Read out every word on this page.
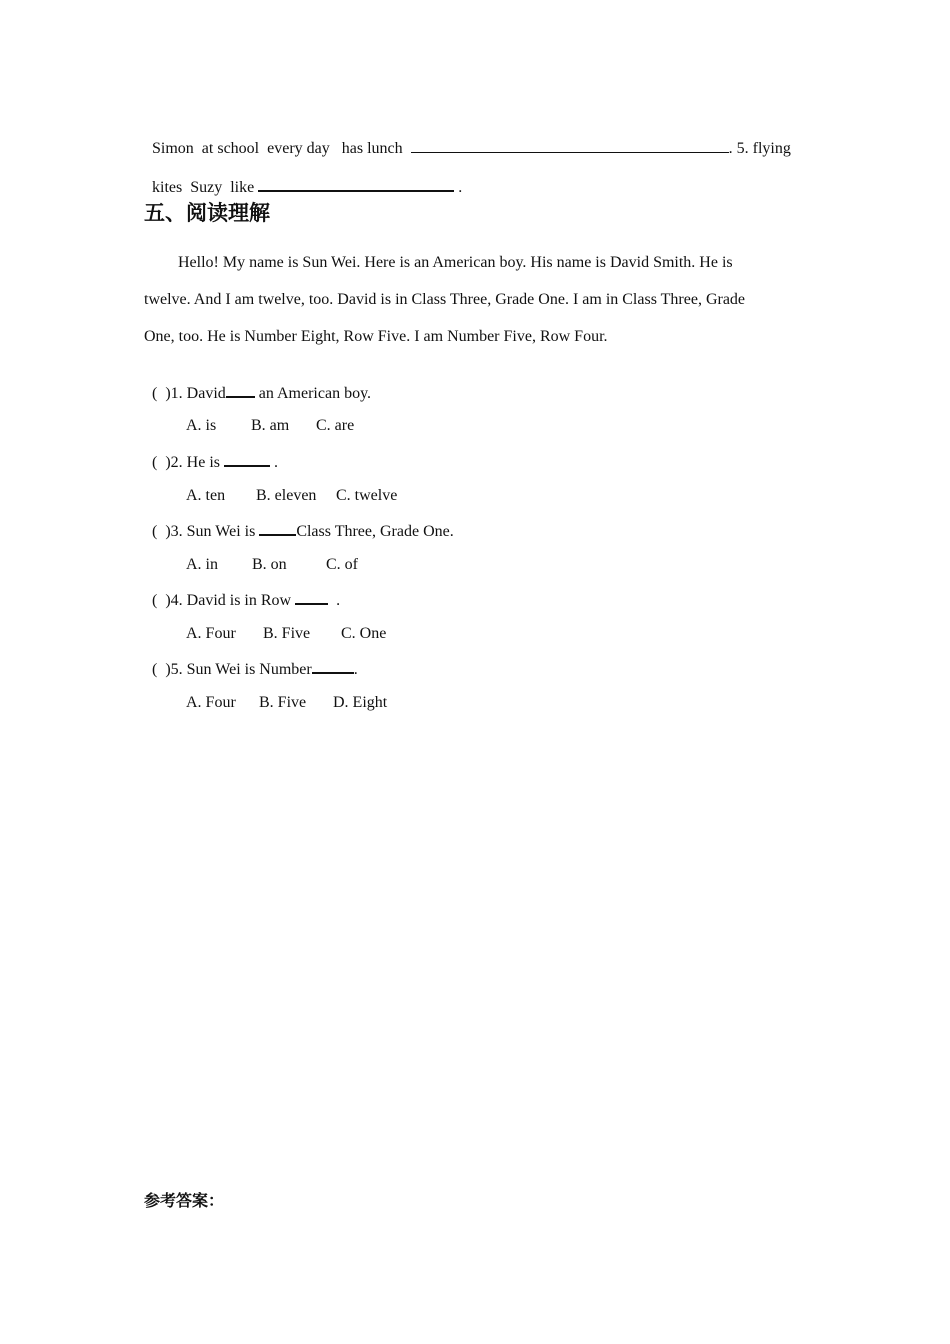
Simon  at school  every day   has lunch	. 5. flying

kites  Suzy  like	.

五、阅读理解
Hello! My name is Sun Wei. Here is an American boy. His name is David Smith. He is
twelve. And I am twelve, too. David is in Class Three, Grade One. I am in Class Three, Grade
One, too. He is Number Eight, Row Five. I am Number Five, Row Four.

(  )1. David an American boy.

A. is B. am C. are

(  )2. He is	.

A. ten B. eleven C. twelve

(  )3. Sun Wei is Class Three, Grade One.

A. in B. on C. of

(  )4. David is in Row   .

A. Four B. Five C. One

(  )5. Sun Wei is Number	.

A. Four B. Five D. Eight

参考答案：
